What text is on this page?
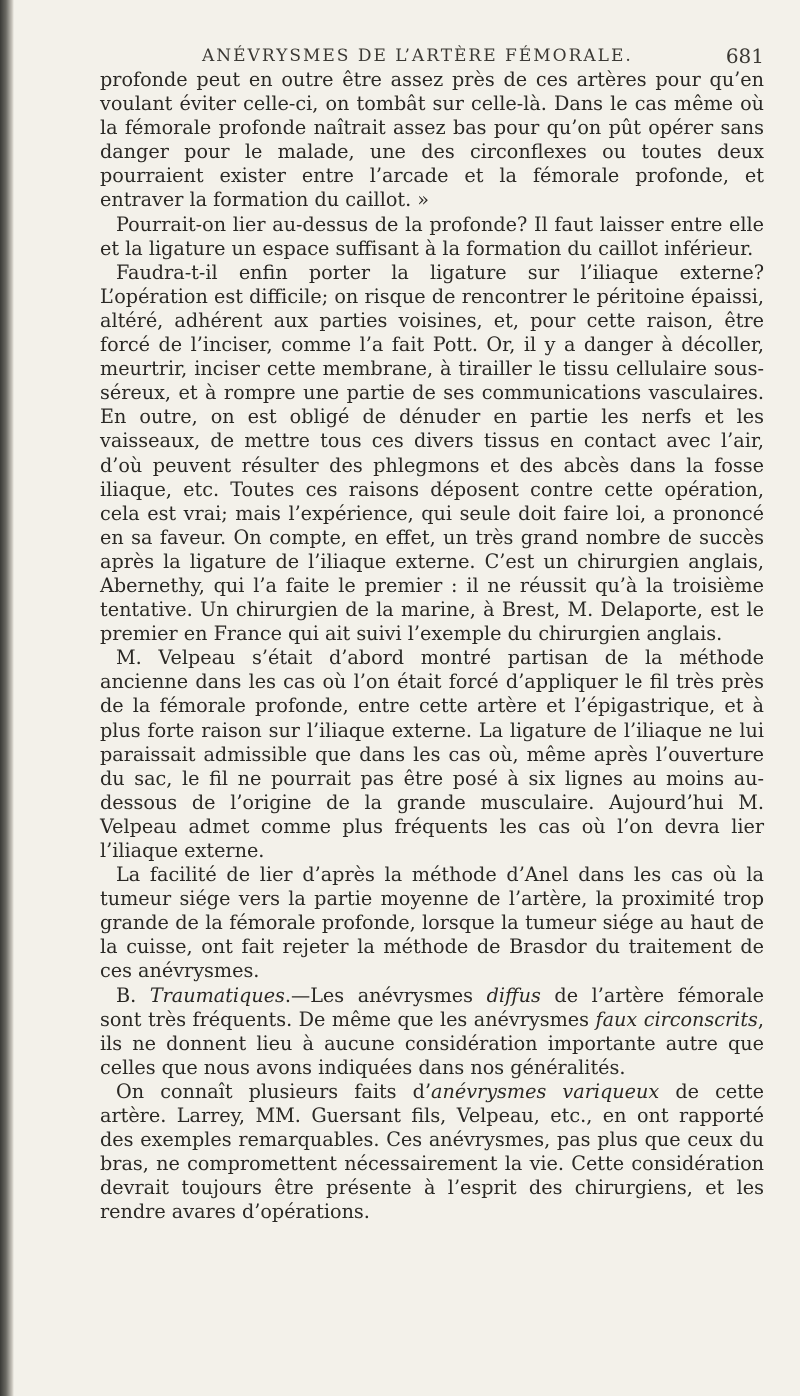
ANÉVRYSMES DE L’ARTÈRE FÉMORALE.	681

profonde peut en outre être assez près de ces artères pour qu’en voulant éviter celle-ci, on tombât sur celle-là. Dans le cas même où la fémorale profonde naîtrait assez bas pour qu’on pût opérer sans danger pour le malade, une des circonflexes ou toutes deux pourraient exister entre l’arcade et la fémorale profonde, et entraver la formation du caillot. »

Pourrait-on lier au-dessus de la profonde? Il faut laisser entre elle et la ligature un espace suffisant à la formation du caillot inférieur.

Faudra-t-il enfin porter la ligature sur l’iliaque externe? L’opération est difficile; on risque de rencontrer le péritoine épaissi, altéré, adhérent aux parties voisines, et, pour cette raison, être forcé de l’inciser, comme l’a fait Pott. Or, il y a danger à décoller, meurtrir, inciser cette membrane, à tirailler le tissu cellulaire sous-séreux, et à rompre une partie de ses communications vasculaires. En outre, on est obligé de dénuder en partie les nerfs et les vaisseaux, de mettre tous ces divers tissus en contact avec l’air, d’où peuvent résulter des phlegmons et des abcès dans la fosse iliaque, etc. Toutes ces raisons déposent contre cette opération, cela est vrai; mais l’expérience, qui seule doit faire loi, a prononcé en sa faveur. On compte, en effet, un très grand nombre de succès après la ligature de l’iliaque externe. C’est un chirurgien anglais, Abernethy, qui l’a faite le premier : il ne réussit qu’à la troisième tentative. Un chirurgien de la marine, à Brest, M. Delaporte, est le premier en France qui ait suivi l’exemple du chirurgien anglais.

M. Velpeau s’était d’abord montré partisan de la méthode ancienne dans les cas où l’on était forcé d’appliquer le fil très près de la fémorale profonde, entre cette artère et l’épigastrique, et à plus forte raison sur l’iliaque externe. La ligature de l’iliaque ne lui paraissait admissible que dans les cas où, même après l’ouverture du sac, le fil ne pourrait pas être posé à six lignes au moins au-dessous de l’origine de la grande musculaire. Aujourd’hui M. Velpeau admet comme plus fréquents les cas où l’on devra lier l’iliaque externe.

La facilité de lier d’après la méthode d’Anel dans les cas où la tumeur siége vers la partie moyenne de l’artère, la proximité trop grande de la fémorale profonde, lorsque la tumeur siége au haut de la cuisse, ont fait rejeter la méthode de Brasdor du traitement de ces anévrysmes.

B. Traumatiques.—Les anévrysmes diffus de l’artère fémorale sont très fréquents. De même que les anévrysmes faux circonscrits, ils ne donnent lieu à aucune considération importante autre que celles que nous avons indiquées dans nos généralités.

On connaît plusieurs faits d’anévrysmes variqueux de cette artère. Larrey, MM. Guersant fils, Velpeau, etc., en ont rapporté des exemples remarquables. Ces anévrysmes, pas plus que ceux du bras, ne compromettent nécessairement la vie. Cette considération devrait toujours être présente à l’esprit des chirurgiens, et les rendre avares d’opérations.
